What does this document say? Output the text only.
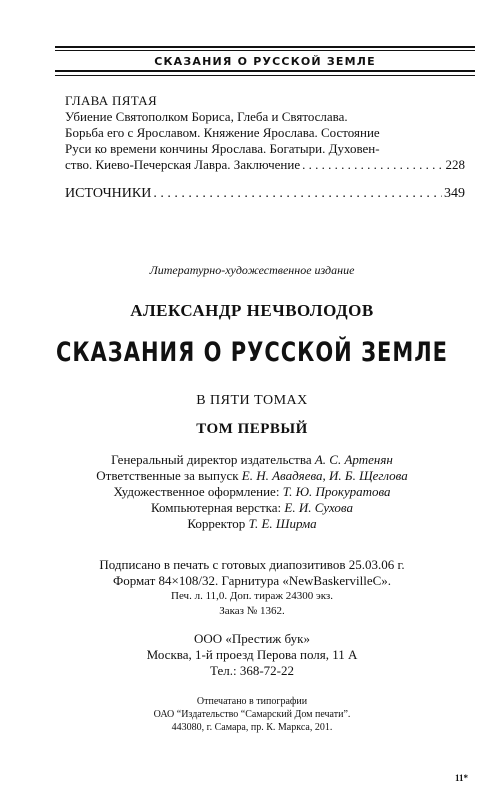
СКАЗАНИЯ О РУССКОЙ ЗЕМЛЕ
ГЛАВА ПЯТАЯ
Убиение Святополком Бориса, Глеба и Святослава.
Борьба его с Ярославом. Княжение Ярослава. Состояние
Руси ко времени кончины Ярослава. Богатыри. Духовен-
ство. Киево-Печерская Лавра. Заключение . . .	228
ИСТОЧНИКИ . . .	349
Литературно-художественное издание
АЛЕКСАНДР НЕЧВОЛОДОВ
СКАЗАНИЯ О РУССКОЙ ЗЕМЛЕ
В ПЯТИ ТОМАХ
ТОМ ПЕРВЫЙ
Генеральный директор издательства А. С. Артенян
Ответственные за выпуск Е. Н. Авадяева, И. Б. Щеглова
Художественное оформление: Т. Ю. Прокуратова
Компьютерная верстка: Е. И. Сухова
Корректор Т. Е. Ширма
Подписано в печать с готовых диапозитивов 25.03.06 г.
Формат 84×108/32. Гарнитура «NewBaskervilleC».
Печ. л. 11,0. Доп. тираж 24300 экз.
Заказ № 1362.
ООО «Престиж бук»
Москва, 1-й проезд Перова поля, 11 А
Тел.: 368-72-22
Отпечатано в типографии
ОАО “Издательство “Самарский Дом печати”.
443080, г. Самара, пр. К. Маркса, 201.
11*
